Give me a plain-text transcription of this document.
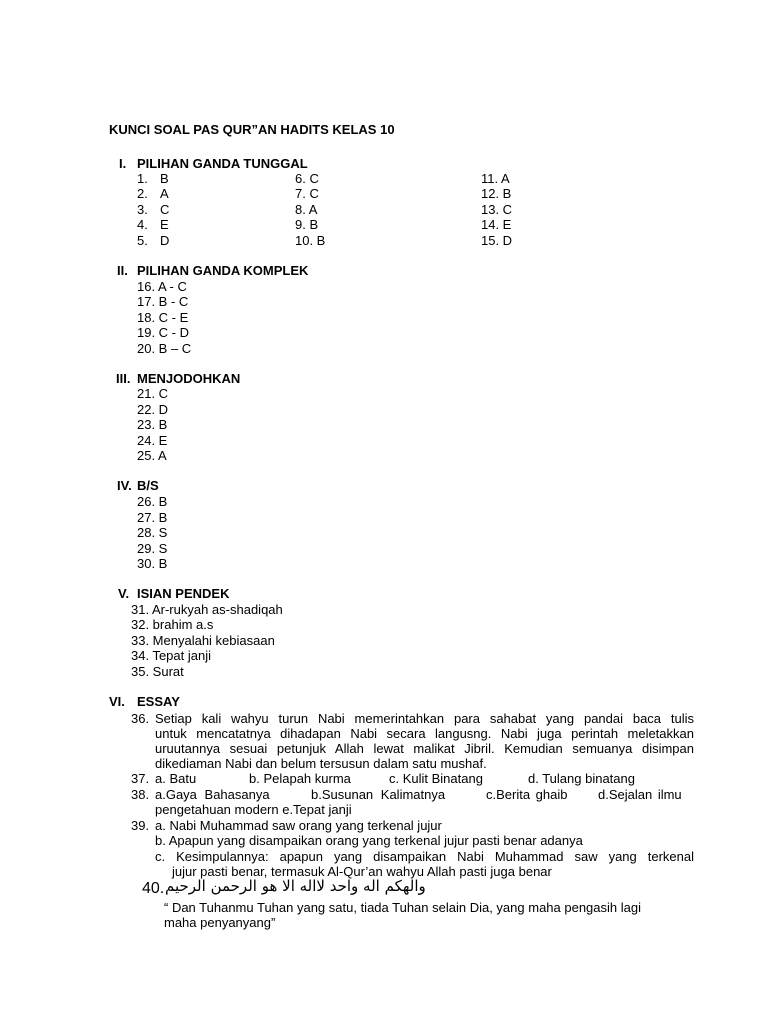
KUNCI SOAL PAS QUR”AN HADITS KELAS 10
I. PILIHAN GANDA TUNGGAL
1. B
2. A
3. C
4. E
5. D
6. C
7. C
8. A
9. B
10. B
11. A
12. B
13. C
14. E
15. D
II. PILIHAN GANDA KOMPLEK
16. A - C
17. B - C
18. C - E
19. C - D
20. B – C
III. MENJODOHKAN
21. C
22. D
23. B
24. E
25. A
IV. B/S
26. B
27. B
28. S
29. S
30. B
V. ISIAN PENDEK
31. Ar-rukyah as-shadiqah
32. brahim a.s
33. Menyalahi kebiasaan
34. Tepat janji
35. Surat
VI. ESSAY
36. Setiap kali wahyu turun Nabi memerintahkan para sahabat yang pandai baca tulis
untuk mencatatnya dihadapan Nabi secara langusng. Nabi juga perintah meletakkan
uruutannya sesuai petunjuk Allah lewat malikat Jibril. Kemudian semuanya disimpan
dikediaman Nabi dan belum tersusun dalam satu mushaf.
37. a. Batu	b. Pelapah kurma	c. Kulit Binatang	d. Tulang binatang
38. a.Gaya Bahasanya	b.Susunan Kalimatnya	c.Berita ghaib d.Sejalan ilmu
pengetahuan modern e.Tepat janji
39. a. Nabi Muhammad saw orang yang terkenal jujur
b. Apapun yang disampaikan orang yang terkenal jujur pasti benar adanya
c. Kesimpulannya: apapun yang disampaikan Nabi Muhammad saw yang terkenal
jujur pasti benar, termasuk Al-Qur’an wahyu Allah pasti juga benar
40. والهكم اله واحد لااله الا هو الرحمن الرحيم
“ Dan Tuhanmu Tuhan yang satu, tiada Tuhan selain Dia, yang maha pengasih lagi
maha penyanyang”
